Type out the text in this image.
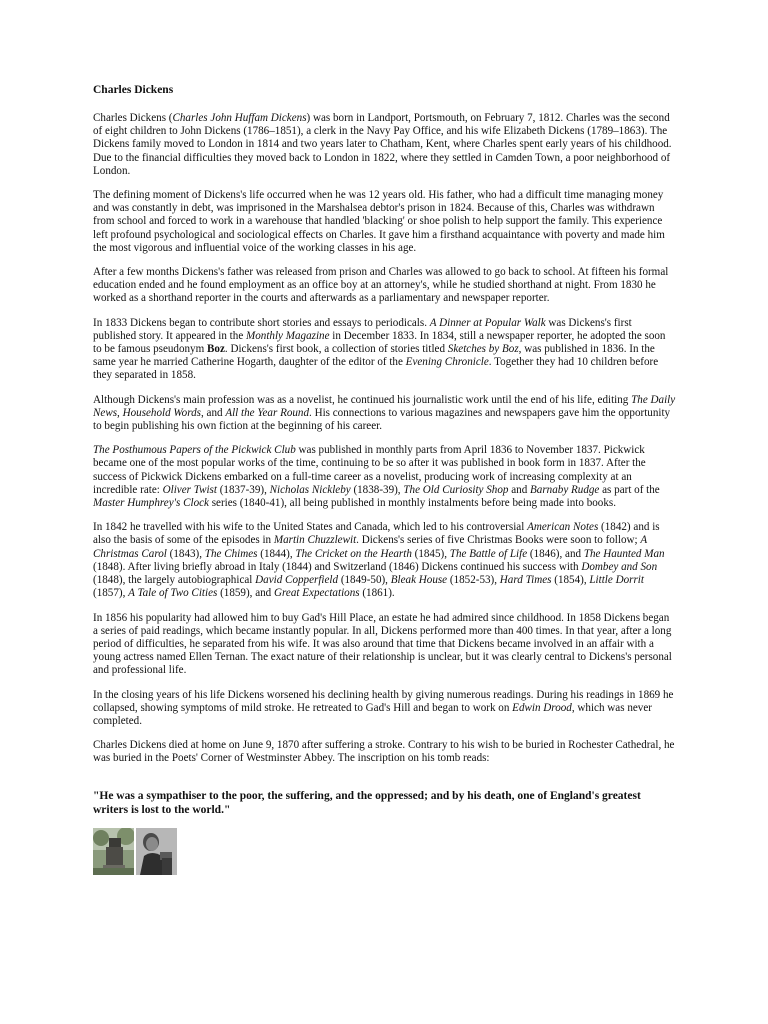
Charles Dickens

Charles Dickens (Charles John Huffam Dickens) was born in Landport, Portsmouth, on February 7, 1812. Charles was the second of eight children to John Dickens (1786–1851), a clerk in the Navy Pay Office, and his wife Elizabeth Dickens (1789–1863). The Dickens family moved to London in 1814 and two years later to Chatham, Kent, where Charles spent early years of his childhood. Due to the financial difficulties they moved back to London in 1822, where they settled in Camden Town, a poor neighborhood of London.

The defining moment of Dickens's life occurred when he was 12 years old. His father, who had a difficult time managing money and was constantly in debt, was imprisoned in the Marshalsea debtor's prison in 1824. Because of this, Charles was withdrawn from school and forced to work in a warehouse that handled 'blacking' or shoe polish to help support the family. This experience left profound psychological and sociological effects on Charles. It gave him a firsthand acquaintance with poverty and made him the most vigorous and influential voice of the working classes in his age.

After a few months Dickens's father was released from prison and Charles was allowed to go back to school. At fifteen his formal education ended and he found employment as an office boy at an attorney's, while he studied shorthand at night. From 1830 he worked as a shorthand reporter in the courts and afterwards as a parliamentary and newspaper reporter.

In 1833 Dickens began to contribute short stories and essays to periodicals. A Dinner at Popular Walk was Dickens's first published story. It appeared in the Monthly Magazine in December 1833. In 1834, still a newspaper reporter, he adopted the soon to be famous pseudonym Boz. Dickens's first book, a collection of stories titled Sketches by Boz, was published in 1836. In the same year he married Catherine Hogarth, daughter of the editor of the Evening Chronicle. Together they had 10 children before they separated in 1858.

Although Dickens's main profession was as a novelist, he continued his journalistic work until the end of his life, editing The Daily News, Household Words, and All the Year Round. His connections to various magazines and newspapers gave him the opportunity to begin publishing his own fiction at the beginning of his career.

The Posthumous Papers of the Pickwick Club was published in monthly parts from April 1836 to November 1837. Pickwick became one of the most popular works of the time, continuing to be so after it was published in book form in 1837. After the success of Pickwick Dickens embarked on a full-time career as a novelist, producing work of increasing complexity at an incredible rate: Oliver Twist (1837-39), Nicholas Nickleby (1838-39), The Old Curiosity Shop and Barnaby Rudge as part of the Master Humphrey's Clock series (1840-41), all being published in monthly instalments before being made into books.

In 1842 he travelled with his wife to the United States and Canada, which led to his controversial American Notes (1842) and is also the basis of some of the episodes in Martin Chuzzlewit. Dickens's series of five Christmas Books were soon to follow; A Christmas Carol (1843), The Chimes (1844), The Cricket on the Hearth (1845), The Battle of Life (1846), and The Haunted Man (1848). After living briefly abroad in Italy (1844) and Switzerland (1846) Dickens continued his success with Dombey and Son (1848), the largely autobiographical David Copperfield (1849-50), Bleak House (1852-53), Hard Times (1854), Little Dorrit (1857), A Tale of Two Cities (1859), and Great Expectations (1861).

In 1856 his popularity had allowed him to buy Gad's Hill Place, an estate he had admired since childhood. In 1858 Dickens began a series of paid readings, which became instantly popular. In all, Dickens performed more than 400 times. In that year, after a long period of difficulties, he separated from his wife. It was also around that time that Dickens became involved in an affair with a young actress named Ellen Ternan. The exact nature of their relationship is unclear, but it was clearly central to Dickens's personal and professional life.

In the closing years of his life Dickens worsened his declining health by giving numerous readings. During his readings in 1869 he collapsed, showing symptoms of mild stroke. He retreated to Gad's Hill and began to work on Edwin Drood, which was never completed.

Charles Dickens died at home on June 9, 1870 after suffering a stroke. Contrary to his wish to be buried in Rochester Cathedral, he was buried in the Poets' Corner of Westminster Abbey. The inscription on his tomb reads:

"He was a sympathiser to the poor, the suffering, and the oppressed; and by his death, one of England's greatest writers is lost to the world."
